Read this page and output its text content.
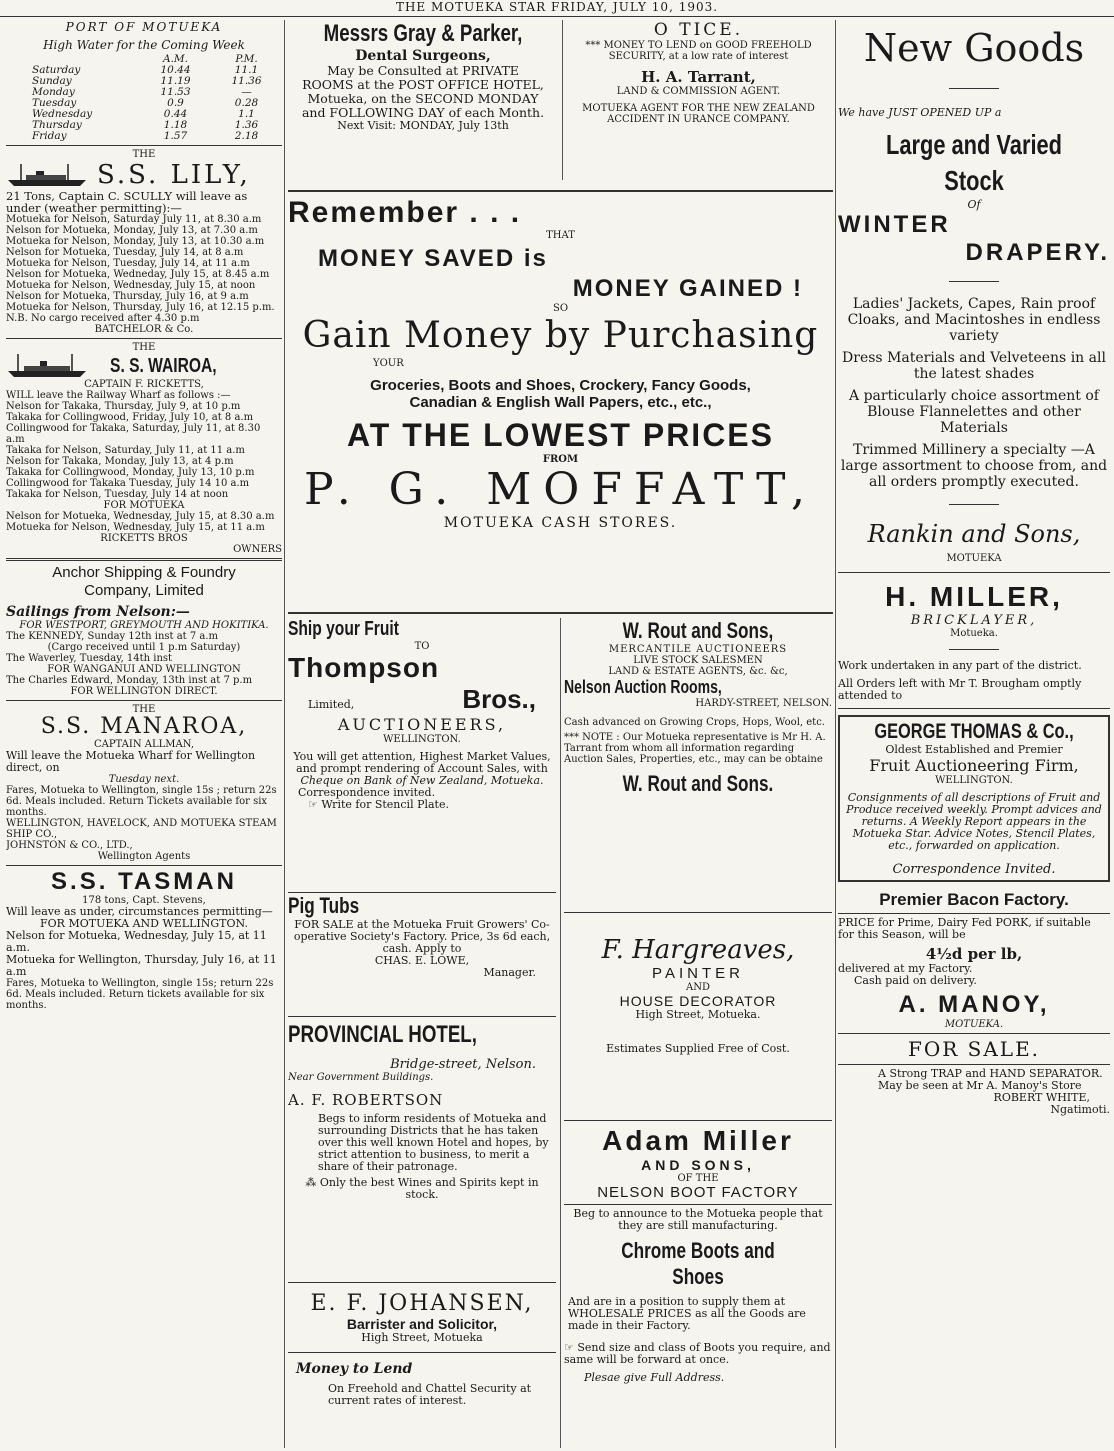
THE MOTUEKA STAR FRIDAY, JULY 10, 1903.

PORT OF MOTUEKA

High Water for the Coming Week

	A.M.	P.M.
Saturday	10.44	11.1
Sunday	11.19	11.36
Monday	11.53	—
Tuesday	0.9	0.28
Wednesday	0.44	1.1
Thursday	1.18	1.36
Friday	1.57	2.18

THE

S.S. LILY,

21 Tons, Captain C. SCULLY will leave as under (weather permitting):—

Motueka for Nelson, Saturday July 11, at 8.30 a.m

Nelson for Motueka, Monday, July 13, at 7.30 a.m

Motueka for Nelson, Monday, July 13, at 10.30 a.m

Nelson for Motueka, Tuesday, July 14, at 8 a.m

Motueka for Nelson, Tuesday, July 14, at 11 a.m

Nelson for Motueka, Wedneday, July 15, at 8.45 a.m

Motueka for Nelson, Wednesday, July 15, at noon

Nelson for Motueka, Thursday, July 16, at 9 a.m

Motueka for Nelson, Thursday, July 16, at 12.15 p.m.

N.B. No cargo received after 4.30 p.m

BATCHELOR & Co.

THE

S. S. WAIROA,

CAPTAIN F. RICKETTS,

WILL leave the Railway Wharf as follows :—

Nelson for Takaka, Thursday, July 9, at 10 p.m

Takaka for Collingwood, Friday, July 10, at 8 a.m

Collingwood for Takaka, Saturday, July 11, at 8.30 a.m

Takaka for Nelson, Saturday, July 11, at 11 a.m

Nelson for Takaka, Monday, July 13, at 4 p.m

Takaka for Collingwood, Monday, July 13, 10 p.m

Collingwood for Takaka Tuesday, July 14 10 a.m

Takaka for Nelson, Tuesday, July 14 at noon

FOR MOTUEKA

Nelson for Motueka, Wednesday, July 15, at 8.30 a.m

Motueka for Nelson, Wednesday, July 15, at 11 a.m

RICKETTS BROS

OWNERS

Anchor Shipping & Foundry

Company, Limited

Sailings from Nelson:—

FOR WESTPORT, GREYMOUTH AND HOKITIKA.

The KENNEDY, Sunday 12th inst at 7 a.m

(Cargo received until 1 p.m Saturday)

The Waverley, Tuesday, 14th inst

FOR WANGANUI AND WELLINGTON

The Charles Edward, Monday, 13th inst at 7 p.m

FOR WELLINGTON DIRECT.

THE

S.S. MANAROA,

CAPTAIN ALLMAN,

Will leave the Motueka Wharf for Wellington direct, on

Tuesday next.

Fares, Motueka to Wellington, single 15s ; return 22s 6d. Meals included. Return Tickets available for six months.

WELLINGTON, HAVELOCK, AND MOTUEKA STEAM SHIP CO.,

JOHNSTON & CO., LTD.,

Wellington Agents

S.S. TASMAN

178 tons, Capt. Stevens,

Will leave as under, circumstances permitting—

FOR MOTUEKA AND WELLINGTON.

Nelson for Motueka, Wednesday, July 15, at 11 a.m.

Motueka for Wellington, Thursday, July 16, at 11 a.m

Fares, Motueka to Wellington, single 15s; return 22s 6d. Meals included. Return tickets available for six months.

Messrs Gray & Parker,

Dental Surgeons,

May be Consulted at PRIVATE ROOMS at the POST OFFICE HOTEL, Motueka, on the SECOND MONDAY and FOLLOWING DAY of each Month.

Next Visit: MONDAY, July 13th

O TICE.

*** MONEY TO LEND on GOOD FREEHOLD SECURITY, at a low rate of interest

H. A. Tarrant,

LAND & COMMISSION AGENT.

MOTUEKA AGENT FOR THE NEW ZEALAND ACCIDENT IN URANCE COMPANY.

Remember . . .

THAT

MONEY SAVED is

MONEY GAINED !

SO

Gain Money by Purchasing

YOUR

Groceries, Boots and Shoes, Crockery, Fancy Goods,

Canadian & English Wall Papers, etc., etc.,

AT THE LOWEST PRICES

FROM

P. G. MOFFATT,

MOTUEKA CASH STORES.

Ship your Fruit

TO

Thompson

Limited,	Bros.,

AUCTIONEERS,

WELLINGTON.

You will get attention, Highest Market Values, and prompt rendering of Account Sales, with

Cheque on Bank of New Zealand, Motueka.

Correspondence invited.

☞ Write for Stencil Plate.

Pig Tubs

FOR SALE at the Motueka Fruit Growers' Co-operative Society's Factory. Price, 3s 6d each, cash. Apply to

CHAS. E. LOWE,

Manager.

PROVINCIAL HOTEL,

Bridge-street, Nelson.

Near Government Buildings.

A. F. ROBERTSON

Begs to inform residents of Motueka and surrounding Districts that he has taken over this well known Hotel and hopes, by strict attention to business, to merit a share of their patronage.

⁂ Only the best Wines and Spirits kept in stock.

E. F. JOHANSEN,

Barrister and Solicitor,

High Street, Motueka

Money to Lend

On Freehold and Chattel Security at current rates of interest.

W. Rout and Sons,

MERCANTILE AUCTIONEERS

LIVE STOCK SALESMEN

LAND & ESTATE AGENTS, &c. &c,

Nelson Auction Rooms,

HARDY-STREET, NELSON.

Cash advanced on Growing Crops, Hops, Wool, etc.

*** NOTE : Our Motueka representative is Mr H. A. Tarrant from whom all information regarding Auction Sales, Properties, etc., may can be obtaine

W. Rout and Sons.

F. Hargreaves,

PAINTER

AND

HOUSE DECORATOR

High Street, Motueka.

Estimates Supplied Free of Cost.

Adam Miller

AND SONS,

OF THE

NELSON BOOT FACTORY

Beg to announce to the Motueka people that they are still manufacturing.

Chrome Boots and Shoes

And are in a position to supply them at WHOLESALE PRICES as all the Goods are made in their Factory.

☞ Send size and class of Boots you require, and same will be forward at once.

Plesae give Full Address.

New Goods

We have JUST OPENED UP a

Large and Varied Stock

Of

WINTER

DRAPERY.

Ladies' Jackets, Capes, Rain proof Cloaks, and Macintoshes in endless variety

Dress Materials and Velveteens in all the latest shades

A particularly choice assortment of Blouse Flannelettes and other Materials

Trimmed Millinery a specialty —A large assortment to choose from, and all orders promptly executed.

Rankin and Sons,

MOTUEKA

H. MILLER,

BRICKLAYER,

Motueka.

Work undertaken in any part of the district.

All Orders left with Mr T. Brougham omptly attended to

GEORGE THOMAS & Co.,

Oldest Established and Premier

Fruit Auctioneering Firm,

WELLINGTON.

Consignments of all descriptions of Fruit and Produce received weekly. Prompt advices and returns. A Weekly Report appears in the Motueka Star. Advice Notes, Stencil Plates, etc., forwarded on application.

Correspondence Invited.

Premier Bacon Factory.

PRICE for Prime, Dairy Fed PORK, if suitable for this Season, will be

4½d per lb,

delivered at my Factory.

Cash paid on delivery.

A. MANOY,

MOTUEKA.

FOR SALE.

A Strong TRAP and HAND SEPARATOR. May be seen at Mr A. Manoy's Store

ROBERT WHITE,

Ngatimoti.
